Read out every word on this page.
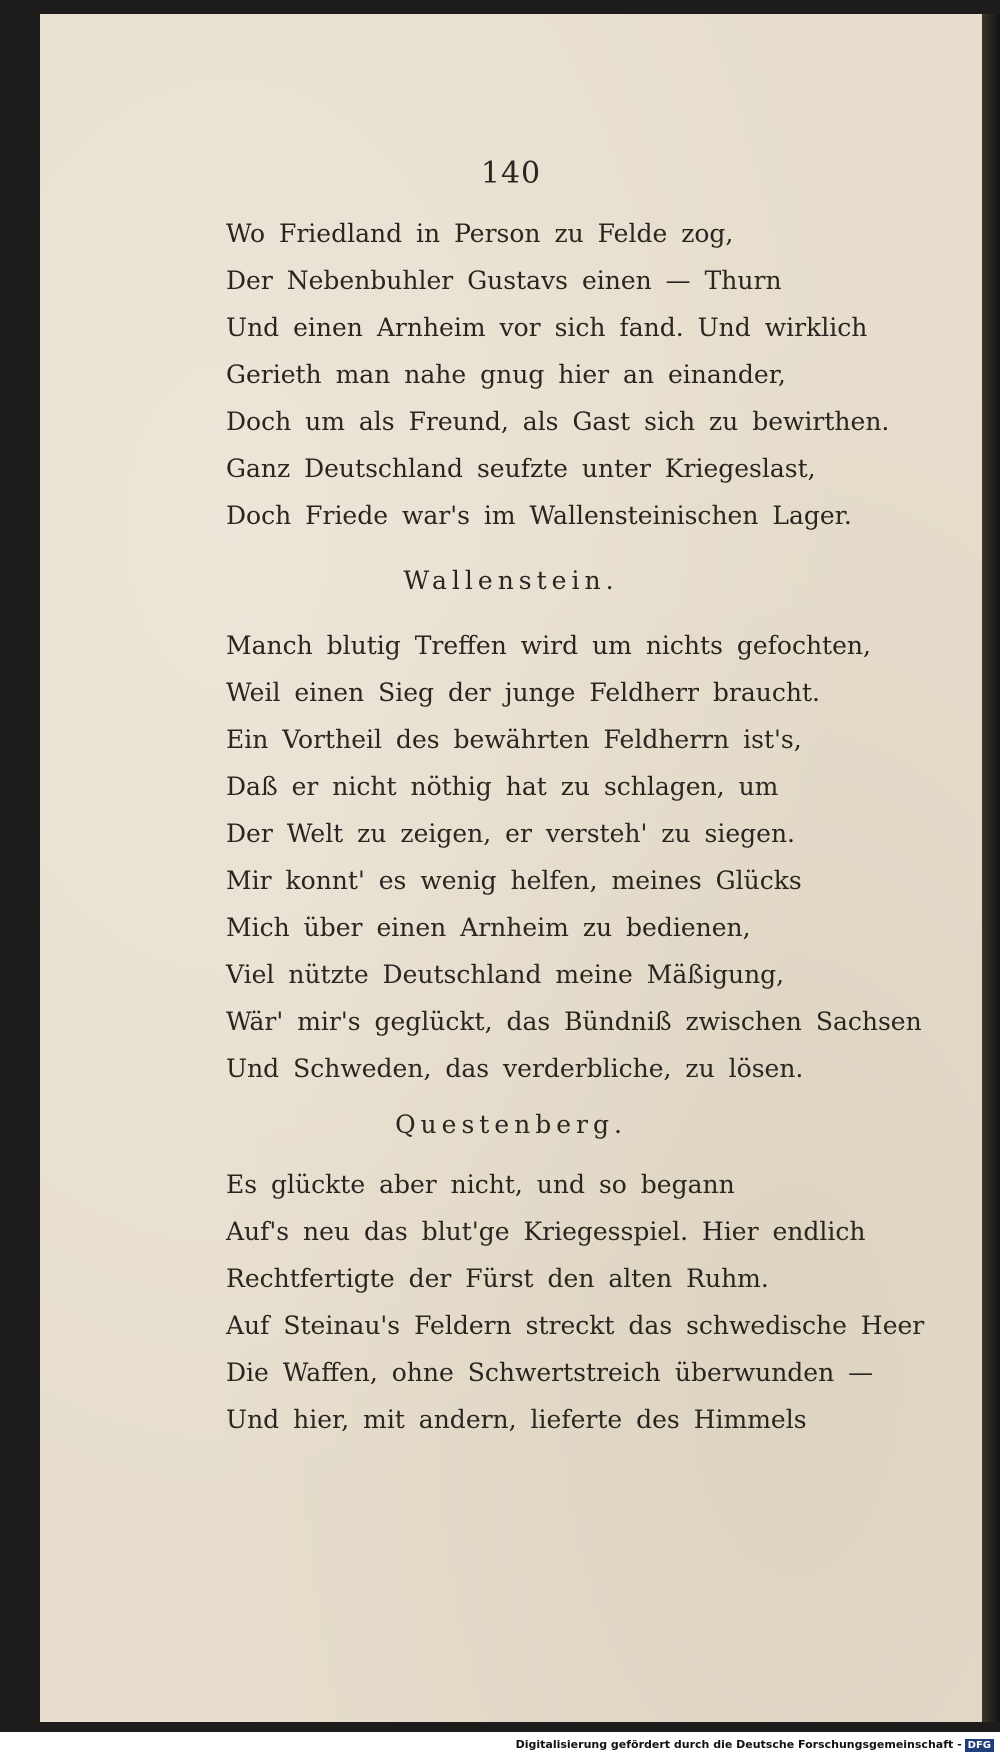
140
Wo Friedland in Person zu Felde zog,
Der Nebenbuhler Gustavs einen — Thurn
Und einen Arnheim vor sich fand. Und wirklich
Gerieth man nahe gnug hier an einander,
Doch um als Freund, als Gast sich zu bewirthen.
Ganz Deutschland seufzte unter Kriegeslast,
Doch Friede war's im Wallensteinischen Lager.
Wallenstein.
Manch blutig Treffen wird um nichts gefochten,
Weil einen Sieg der junge Feldherr braucht.
Ein Vortheil des bewährten Feldherrn ist's,
Daß er nicht nöthig hat zu schlagen, um
Der Welt zu zeigen, er versteh' zu siegen.
Mir konnt' es wenig helfen, meines Glücks
Mich über einen Arnheim zu bedienen,
Viel nützte Deutschland meine Mäßigung,
Wär' mir's geglückt, das Bündniß zwischen Sachsen
Und Schweden, das verderbliche, zu lösen.
Questenberg.
Es glückte aber nicht, und so begann
Auf's neu das blut'ge Kriegesspiel. Hier endlich
Rechtfertigte der Fürst den alten Ruhm.
Auf Steinau's Feldern streckt das schwedische Heer
Die Waffen, ohne Schwertstreich überwunden —
Und hier, mit andern, lieferte des Himmels
Digitalisierung gefördert durch die Deutsche Forschungsgemeinschaft - DFG
